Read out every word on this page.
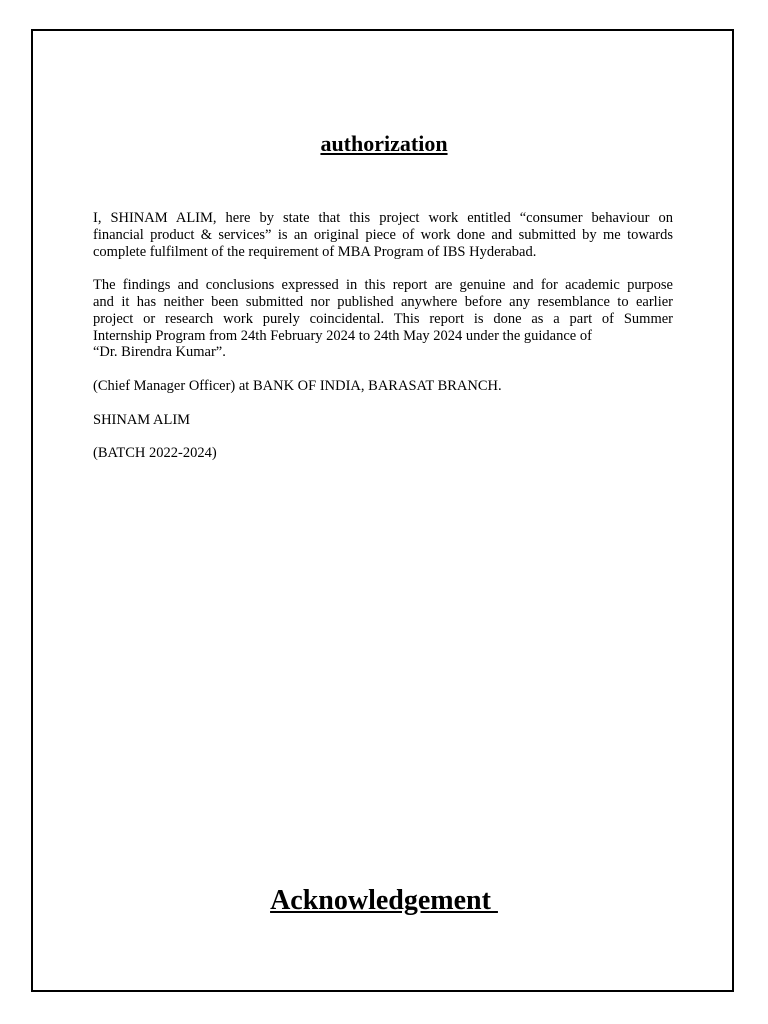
authorization

I, SHINAM ALIM, here by state that this project work entitled “consumer behaviour on
financial product & services” is an original piece of work done and submitted by me towards
complete fulfilment of the requirement of MBA Program of IBS Hyderabad.

The findings and conclusions expressed in this report are genuine and for academic purpose
and it has neither been submitted nor published anywhere before any resemblance to earlier
project or research work purely coincidental. This report is done as a part of Summer
Internship Program from 24th February 2024 to 24th May 2024 under the guidance of
“Dr. Birendra Kumar”.

(Chief Manager Officer) at BANK OF INDIA, BARASAT BRANCH.

SHINAM ALIM

(BATCH 2022-2024)

Acknowledgement
